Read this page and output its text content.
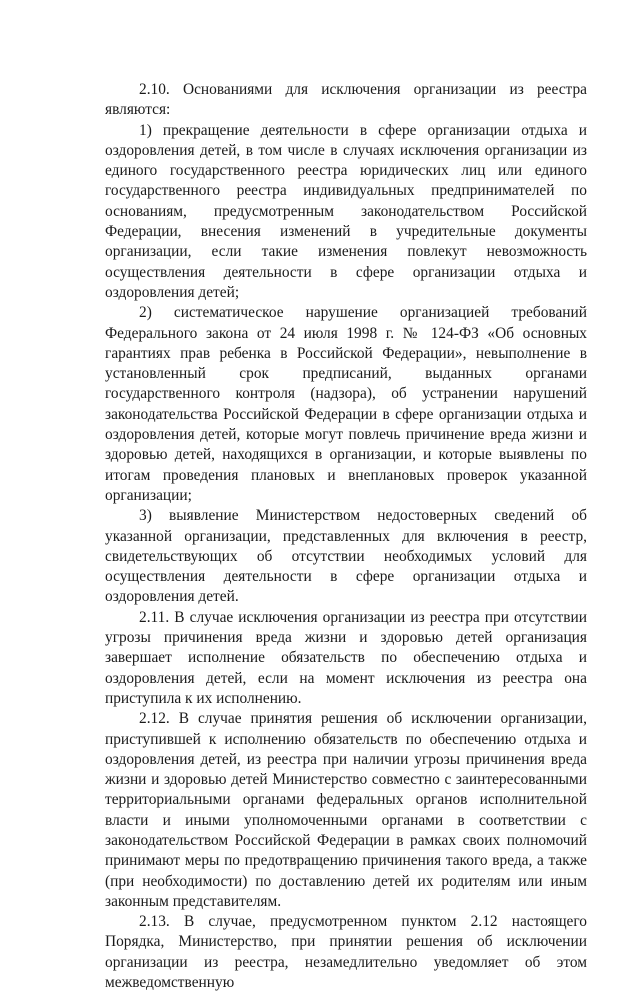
2.10. Основаниями для исключения организации из реестра являются:

1) прекращение деятельности в сфере организации отдыха и оздоровления детей, в том числе в случаях исключения организации из единого государственного реестра юридических лиц или единого государственного реестра индивидуальных предпринимателей по основаниям, предусмотренным законодательством Российской Федерации, внесения изменений в учредительные документы организации, если такие изменения повлекут невозможность осуществления деятельности в сфере организации отдыха и оздоровления детей;

2) систематическое нарушение организацией требований Федерального закона от 24 июля 1998 г. № 124-ФЗ «Об основных гарантиях прав ребенка в Российской Федерации», невыполнение в установленный срок предписаний, выданных органами государственного контроля (надзора), об устранении нарушений законодательства Российской Федерации в сфере организации отдыха и оздоровления детей, которые могут повлечь причинение вреда жизни и здоровью детей, находящихся в организации, и которые выявлены по итогам проведения плановых и внеплановых проверок указанной организации;

3) выявление Министерством недостоверных сведений об указанной организации, представленных для включения в реестр, свидетельствующих об отсутствии необходимых условий для осуществления деятельности в сфере организации отдыха и оздоровления детей.

2.11. В случае исключения организации из реестра при отсутствии угрозы причинения вреда жизни и здоровью детей организация завершает исполнение обязательств по обеспечению отдыха и оздоровления детей, если на момент исключения из реестра она приступила к их исполнению.

2.12. В случае принятия решения об исключении организации, приступившей к исполнению обязательств по обеспечению отдыха и оздоровления детей, из реестра при наличии угрозы причинения вреда жизни и здоровью детей Министерство совместно с заинтересованными территориальными органами федеральных органов исполнительной власти и иными уполномоченными органами в соответствии с законодательством Российской Федерации в рамках своих полномочий принимают меры по предотвращению причинения такого вреда, а также (при необходимости) по доставлению детей их родителям или иным законным представителям.

2.13. В случае, предусмотренном пунктом 2.12 настоящего Порядка, Министерство, при принятии решения об исключении организации из реестра, незамедлительно уведомляет об этом межведомственную
